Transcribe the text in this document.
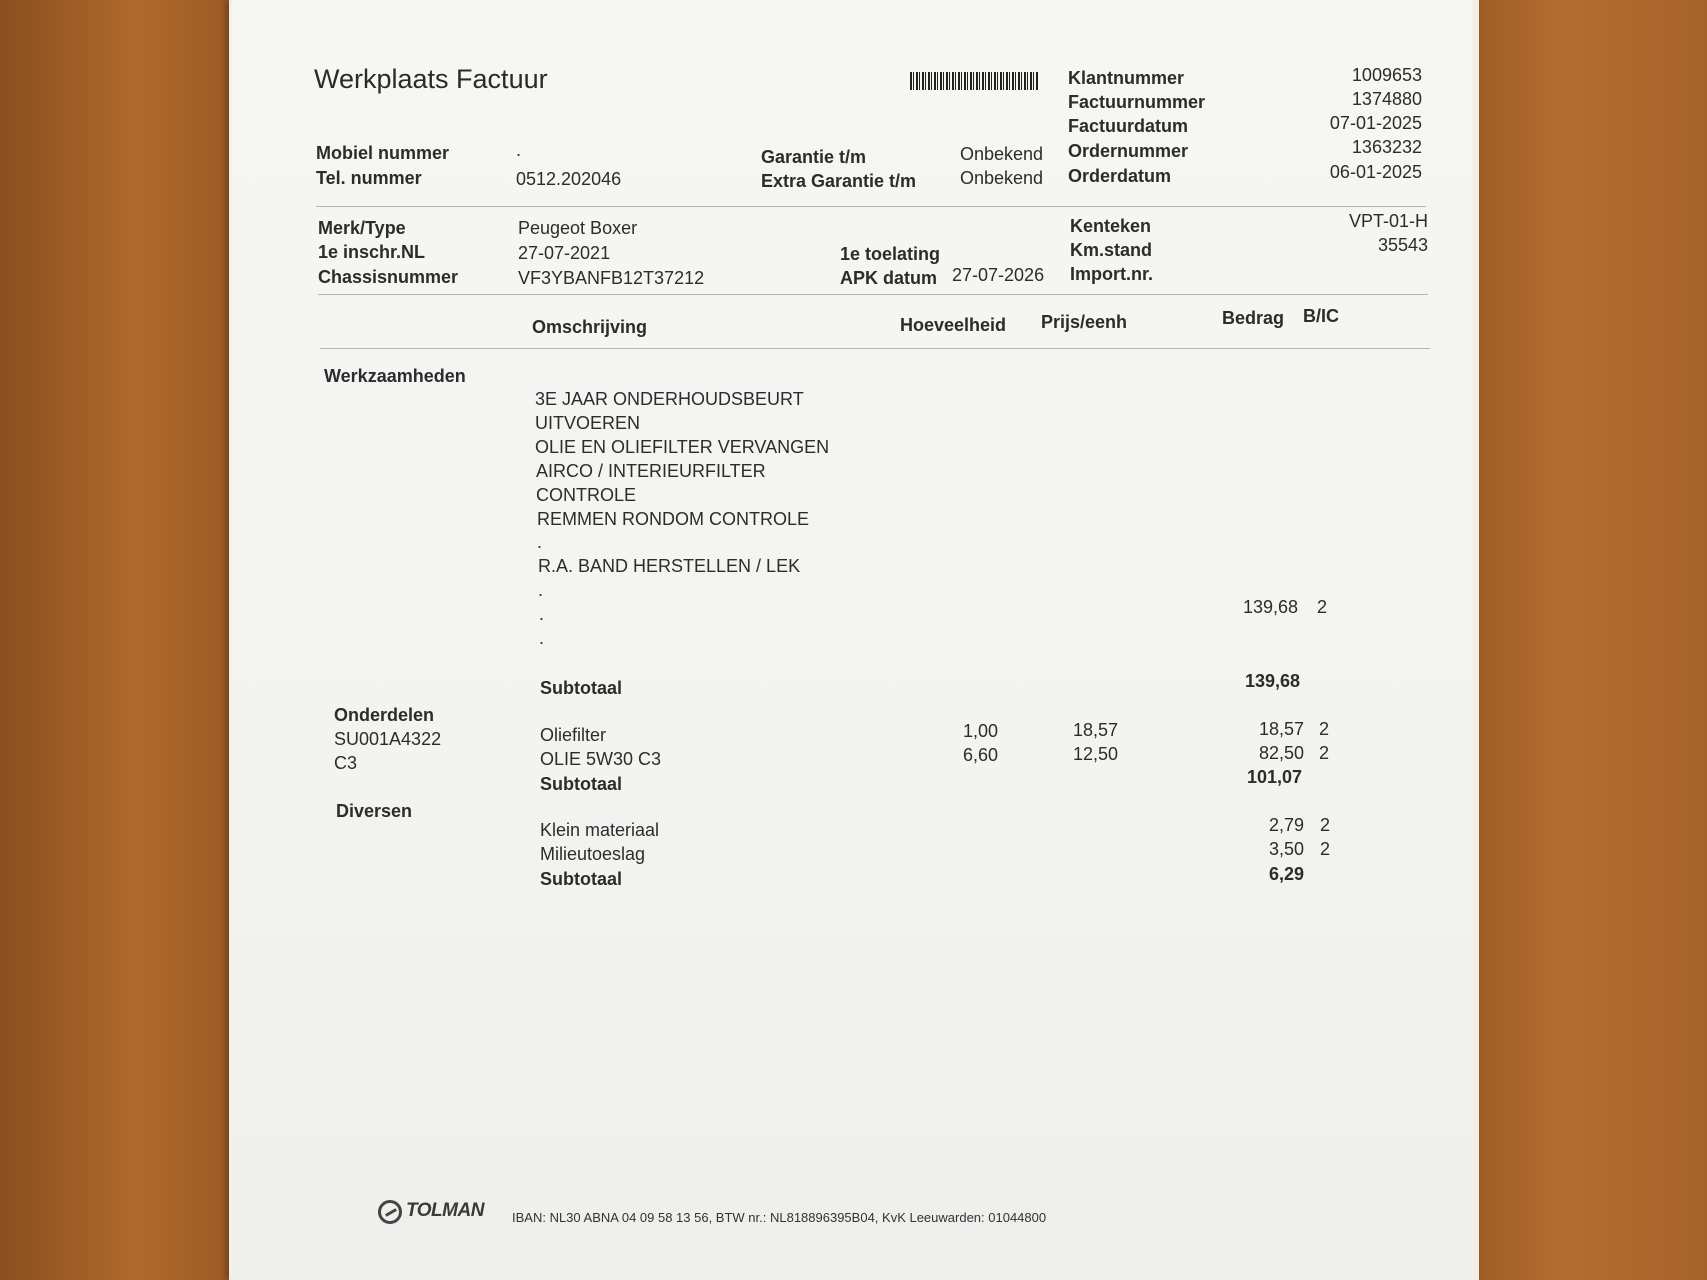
Werkplaats Factuur	Klantnummer	1009653
Factuurnummer	1374880
Factuurdatum	07-01-2025
Ordernummer	1363232
Orderdatum	06-01-2025
Mobiel nummer	.
Tel. nummer	0512.202046
Garantie t/m	Onbekend
Extra Garantie t/m Onbekend
Merk/Type	Peugeot Boxer
1e inschr.NL	27-07-2021
Chassisnummer	VF3YBANFB12T37212
1e toelating
APK datum 27-07-2026
Kenteken	VPT-01-H
Km.stand	35543
Import.nr.
Omschrijving	Hoeveelheid Prijs/eenh	Bedrag B/IC
Werkzaamheden
3E JAAR ONDERHOUDSBEURT
UITVOEREN
OLIE EN OLIEFILTER VERVANGEN
AIRCO / INTERIEURFILTER
CONTROLE
REMMEN RONDOM CONTROLE
.
R.A. BAND HERSTELLEN / LEK
.
.
.
139,68 2
Subtotaal	139,68
Onderdelen
SU001A4322	Oliefilter	1,00	18,57	18,57 2
C3	OLIE 5W30 C3	6,60	12,50	82,50 2
Subtotaal	101,07
Diversen
Klein materiaal	2,79 2
Milieutoeslag	3,50 2
Subtotaal	6,29
TOLMAN IBAN: NL30 ABNA 04 09 58 13 56, BTW nr.: NL818896395B04, KvK Leeuwarden: 01044800
